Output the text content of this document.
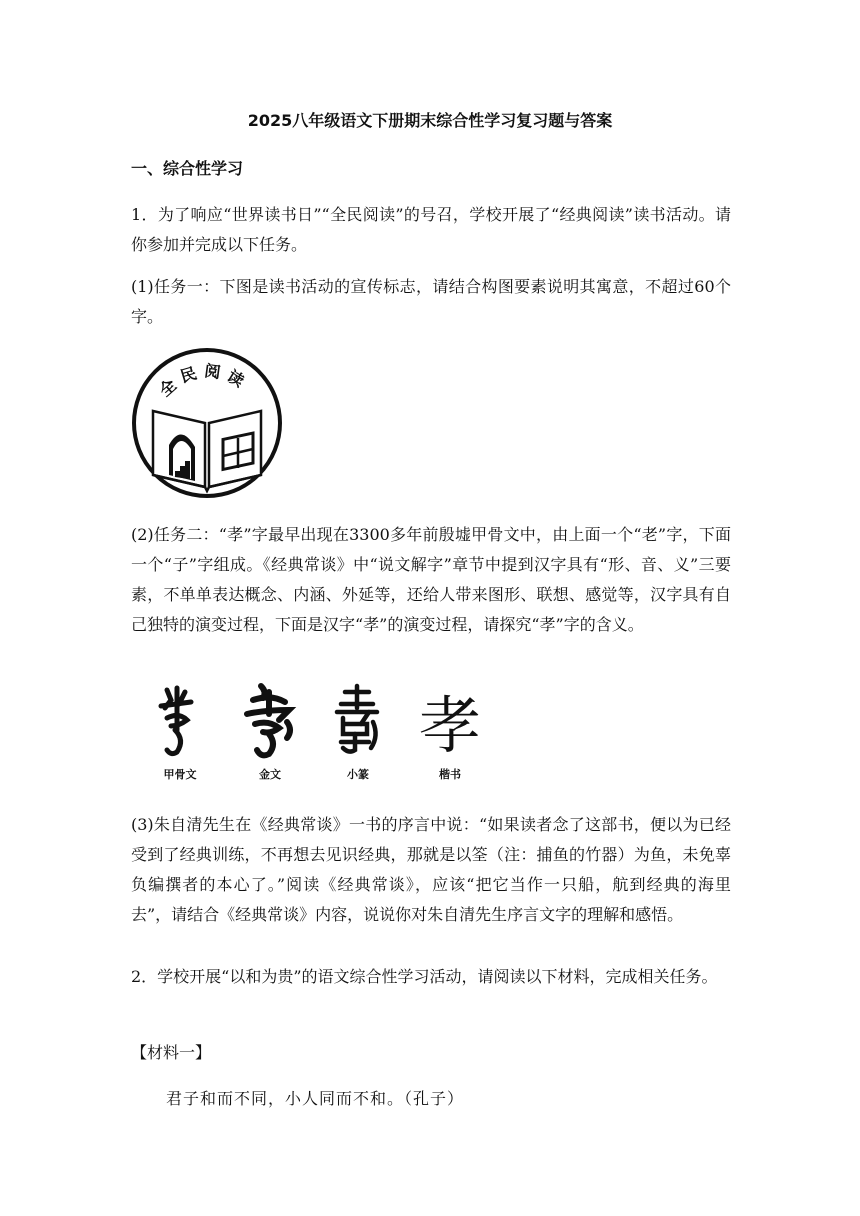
2025八年级语文下册期末综合性学习复习题与答案
一、综合性学习
1．为了响应“世界读书日”“全民阅读”的号召，学校开展了“经典阅读”读书活动。请你参加并完成以下任务。
(1)任务一：下图是读书活动的宣传标志，请结合构图要素说明其寓意，不超过60个字。
全民阅读
(2)任务二：“孝”字最早出现在3300多年前殷墟甲骨文中，由上面一个“老”字，下面一个“子”字组成。《经典常谈》中“说文解字”章节中提到汉字具有“形、音、义”三要素，不单单表达概念、内涵、外延等，还给人带来图形、联想、感觉等，汉字具有自己独特的演变过程，下面是汉字“孝”的演变过程，请探究“孝”字的含义。
甲骨文	金文	小篆
孝
楷书
(3)朱自清先生在《经典常谈》一书的序言中说：“如果读者念了这部书，便以为已经受到了经典训练，不再想去见识经典，那就是以筌（注：捕鱼的竹器）为鱼，未免辜负编撰者的本心了。”阅读《经典常谈》，应该“把它当作一只船，航到经典的海里去”，请结合《经典常谈》内容，说说你对朱自清先生序言文字的理解和感悟。
2．学校开展“以和为贵”的语文综合性学习活动，请阅读以下材料，完成相关任务。
【材料一】
君子和而不同，小人同而不和。（孔子）
